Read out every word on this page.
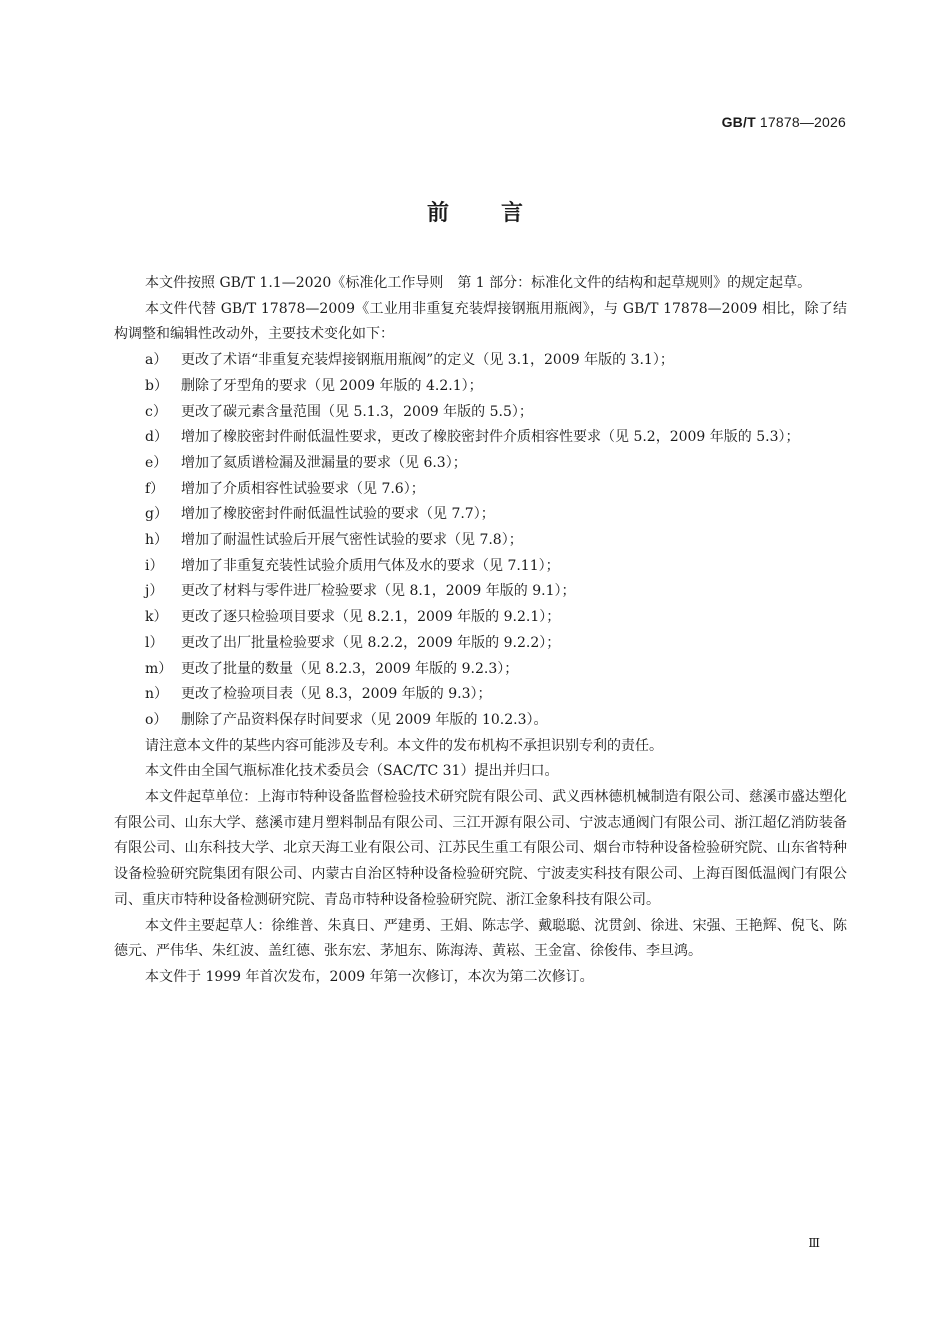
GB/T 17878—2026
前言

本文件按照 GB/T 1.1—2020《标准化工作导则　第 1 部分：标准化文件的结构和起草规则》的规定起草。

本文件代替 GB/T 17878—2009《工业用非重复充装焊接钢瓶用瓶阀》，与 GB/T 17878—2009 相比，除了结构调整和编辑性改动外，主要技术变化如下：

a） 更改了术语“非重复充装焊接钢瓶用瓶阀”的定义（见 3.1，2009 年版的 3.1）；
b） 删除了牙型角的要求（见 2009 年版的 4.2.1）；
c）	更改了碳元素含量范围（见 5.1.3，2009 年版的 5.5）；
d） 增加了橡胶密封件耐低温性要求，更改了橡胶密封件介质相容性要求（见 5.2，2009 年版的 5.3）；
e） 增加了氦质谱检漏及泄漏量的要求（见 6.3）；
f）	增加了介质相容性试验要求（见 7.6）；
g） 增加了橡胶密封件耐低温性试验的要求（见 7.7）；
h） 增加了耐温性试验后开展气密性试验的要求（见 7.8）；
i）	增加了非重复充装性试验介质用气体及水的要求（见 7.11）；
j）	更改了材料与零件进厂检验要求（见 8.1，2009 年版的 9.1）；
k） 更改了逐只检验项目要求（见 8.2.1，2009 年版的 9.2.1）；
l）	更改了出厂批量检验要求（见 8.2.2，2009 年版的 9.2.2）；
m） 更改了批量的数量（见 8.2.3，2009 年版的 9.2.3）；
n） 更改了检验项目表（见 8.3，2009 年版的 9.3）；
o） 删除了产品资料保存时间要求（见 2009 年版的 10.2.3）。

请注意本文件的某些内容可能涉及专利。本文件的发布机构不承担识别专利的责任。

本文件由全国气瓶标准化技术委员会（SAC/TC 31）提出并归口。

本文件起草单位：上海市特种设备监督检验技术研究院有限公司、武义西林德机械制造有限公司、慈溪市盛达塑化有限公司、山东大学、慈溪市建月塑料制品有限公司、三江开源有限公司、宁波志通阀门有限公司、浙江超亿消防装备有限公司、山东科技大学、北京天海工业有限公司、江苏民生重工有限公司、烟台市特种设备检验研究院、山东省特种设备检验研究院集团有限公司、内蒙古自治区特种设备检验研究院、宁波麦实科技有限公司、上海百图低温阀门有限公司、重庆市特种设备检测研究院、青岛市特种设备检验研究院、浙江金象科技有限公司。

本文件主要起草人：徐维普、朱真日、严建勇、王娟、陈志学、戴聪聪、沈贯剑、徐进、宋强、王艳辉、倪飞、陈德元、严伟华、朱红波、盖红德、张东宏、茅旭东、陈海涛、黄崧、王金富、徐俊伟、李旦鸿。

本文件于 1999 年首次发布，2009 年第一次修订，本次为第二次修订。

Ⅲ
